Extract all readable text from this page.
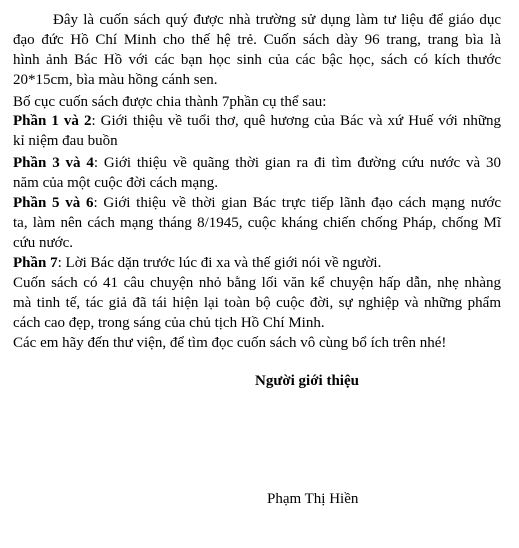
Đây là cuốn sách quý được nhà trường sử dụng làm tư liệu để giáo dục
đạo đức Hồ Chí Minh cho thế hệ trẻ. Cuốn sách dày 96 trang, trang bìa là
hình ảnh Bác Hồ với các bạn học sinh của các bậc học, sách có kích thước
20*15cm, bìa màu hồng cánh sen.
Bố cục cuốn sách được chia thành 7phần cụ thể sau:
Phần 1 và 2: Giới thiệu về tuổi thơ, quê hương của Bác và xứ Huế với những
kỉ niệm đau buồn
Phần 3 và 4: Giới thiệu về quãng thời gian ra đi tìm đường cứu nước và 30
năm của một cuộc đời cách mạng.
Phần 5 và 6: Giới thiệu về thời gian Bác trực tiếp lãnh đạo cách mạng nước
ta, làm nên cách mạng tháng 8/1945, cuộc kháng chiến chống Pháp, chống Mĩ
cứu nước.
Phần 7: Lời Bác dặn trước lúc đi xa và thế giới nói về người.
Cuốn sách có 41 câu chuyện nhỏ bằng lối văn kể chuyện hấp dẫn, nhẹ nhàng
mà tinh tế, tác giả đã tái hiện lại toàn bộ cuộc đời, sự nghiệp và những phẩm
cách cao đẹp, trong sáng của chủ tịch Hồ Chí Minh.
Các em hãy đến thư viện, để tìm đọc cuốn sách vô cùng bổ ích trên nhé!
Người giới thiệu
Phạm Thị Hiền
